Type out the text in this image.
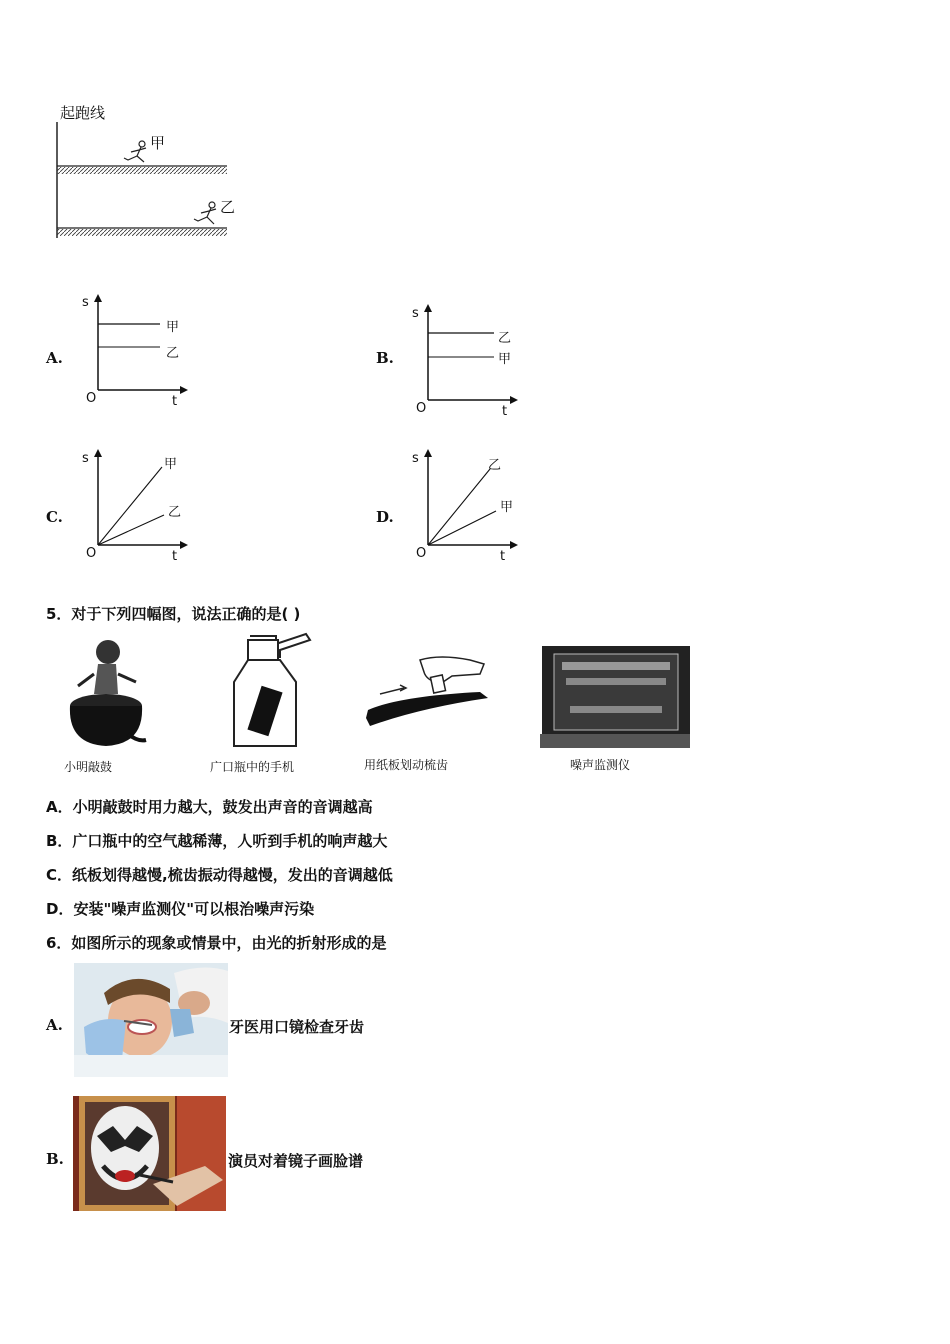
起跑线
甲
乙
A.
s
t
O
甲
乙	B.
s
t
O
乙
甲
C.
s
t
O
甲
乙	D.
s
t
O
乙
甲
5．对于下列四幅图，说法正确的是( )
小明敲鼓	广口瓶中的手机	用纸板划动梳齿	噪声监测仪
A．小明敲鼓时用力越大，鼓发出声音的音调越高
B．广口瓶中的空气越稀薄，人听到手机的响声越大
C．纸板划得越慢,梳齿振动得越慢，发出的音调越低
D．安装"噪声监测仪"可以根治噪声污染
6．如图所示的现象或情景中，由光的折射形成的是
A.	牙医用口镜检查牙齿
B.	演员对着镜子画脸谱
